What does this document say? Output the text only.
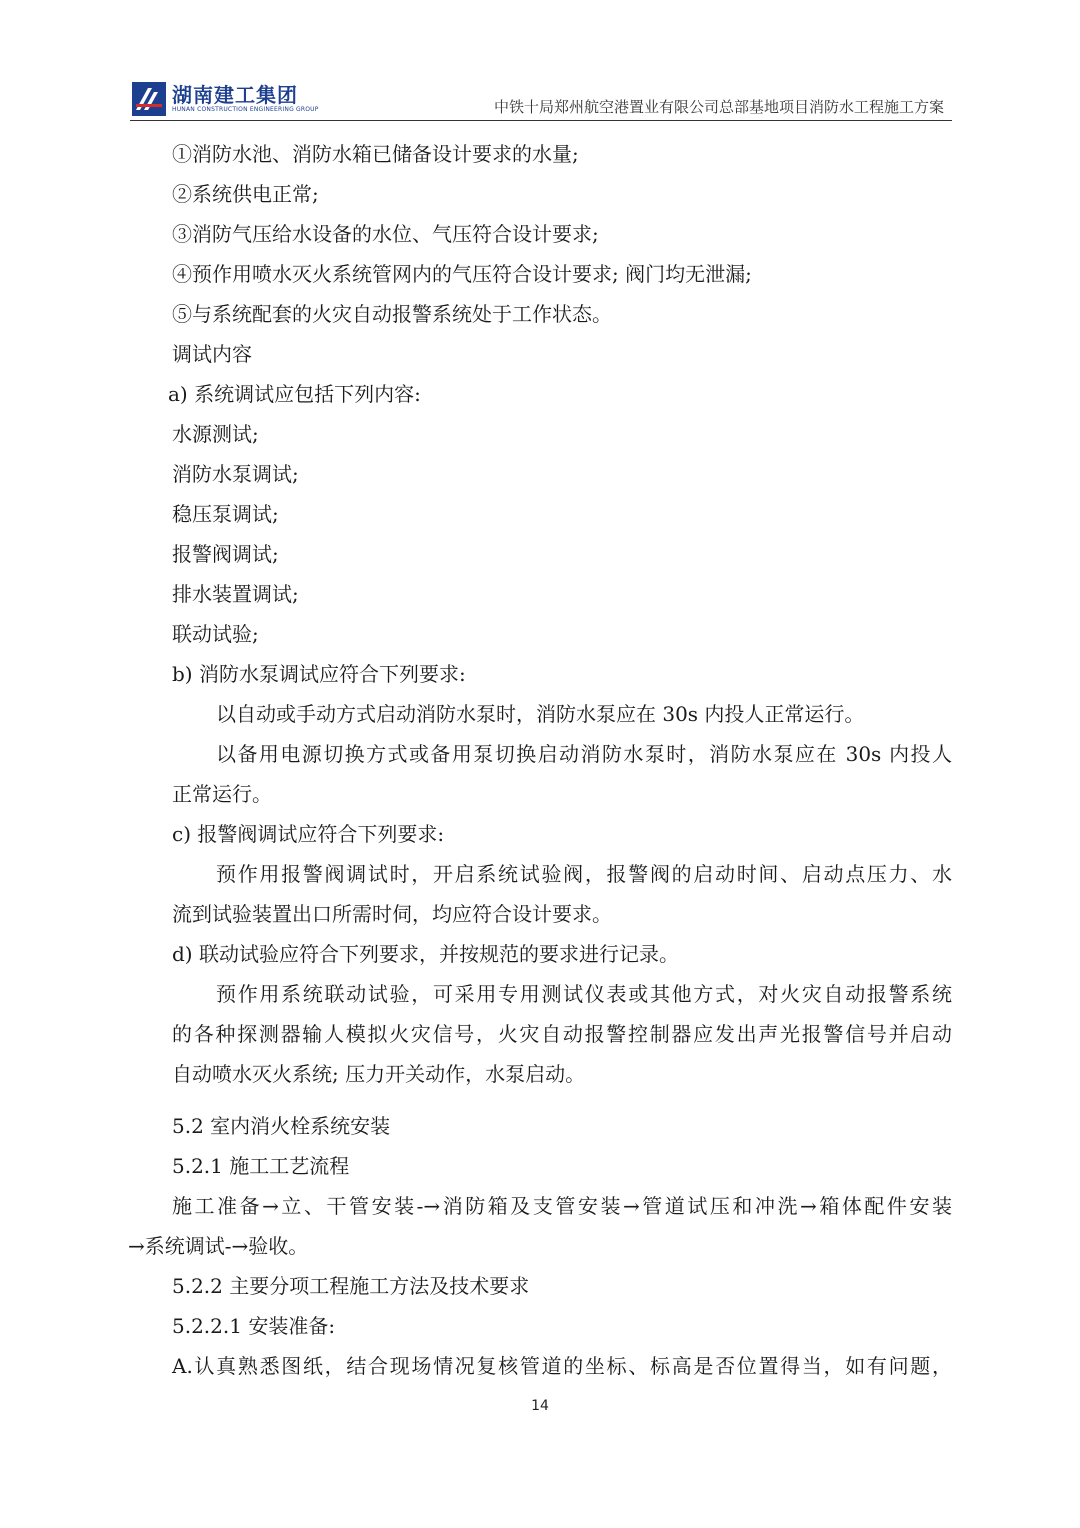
湖南建工集团
HUNAN CONSTRUCTION ENGINEERING GROUP	中铁十局郑州航空港置业有限公司总部基地项目消防水工程施工方案
①消防水池、消防水箱已储备设计要求的水量;
②系统供电正常;
③消防气压给水设备的水位、气压符合设计要求;
④预作用喷水灭火系统管网内的气压符合设计要求; 阀门均无泄漏;
⑤与系统配套的火灾自动报警系统处于工作状态。
调试内容
a) 系统调试应包括下列内容:
水源测试;
消防水泵调试;
稳压泵调试;
报警阀调试;
排水装置调试;
联动试验;
b) 消防水泵调试应符合下列要求:
以自动或手动方式启动消防水泵时，消防水泵应在 30s 内投人正常运行。
以备用电源切换方式或备用泵切换启动消防水泵时，消防水泵应在 30s 内投人
正常运行。
c) 报警阀调试应符合下列要求:
预作用报警阀调试时，开启系统试验阀，报警阀的启动时间、启动点压力、水
流到试验装置出口所需时伺，均应符合设计要求。
d) 联动试验应符合下列要求，并按规范的要求进行记录。
预作用系统联动试验，可采用专用测试仪表或其他方式，对火灾自动报警系统
的各种探测器输人模拟火灾信号，火灾自动报警控制器应发出声光报警信号并启动
自动喷水灭火系统; 压力开关动作，水泵启动。
5.2 室内消火栓系统安装
5.2.1 施工工艺流程
施工准备→立、干管安装-→消防箱及支管安装→管道试压和冲洗→箱体配件安装
→系统调试-→验收。
5.2.2 主要分项工程施工方法及技术要求
5.2.2.1 安装准备:
A.认真熟悉图纸，结合现场情况复核管道的坐标、标高是否位置得当，如有问题，
14
